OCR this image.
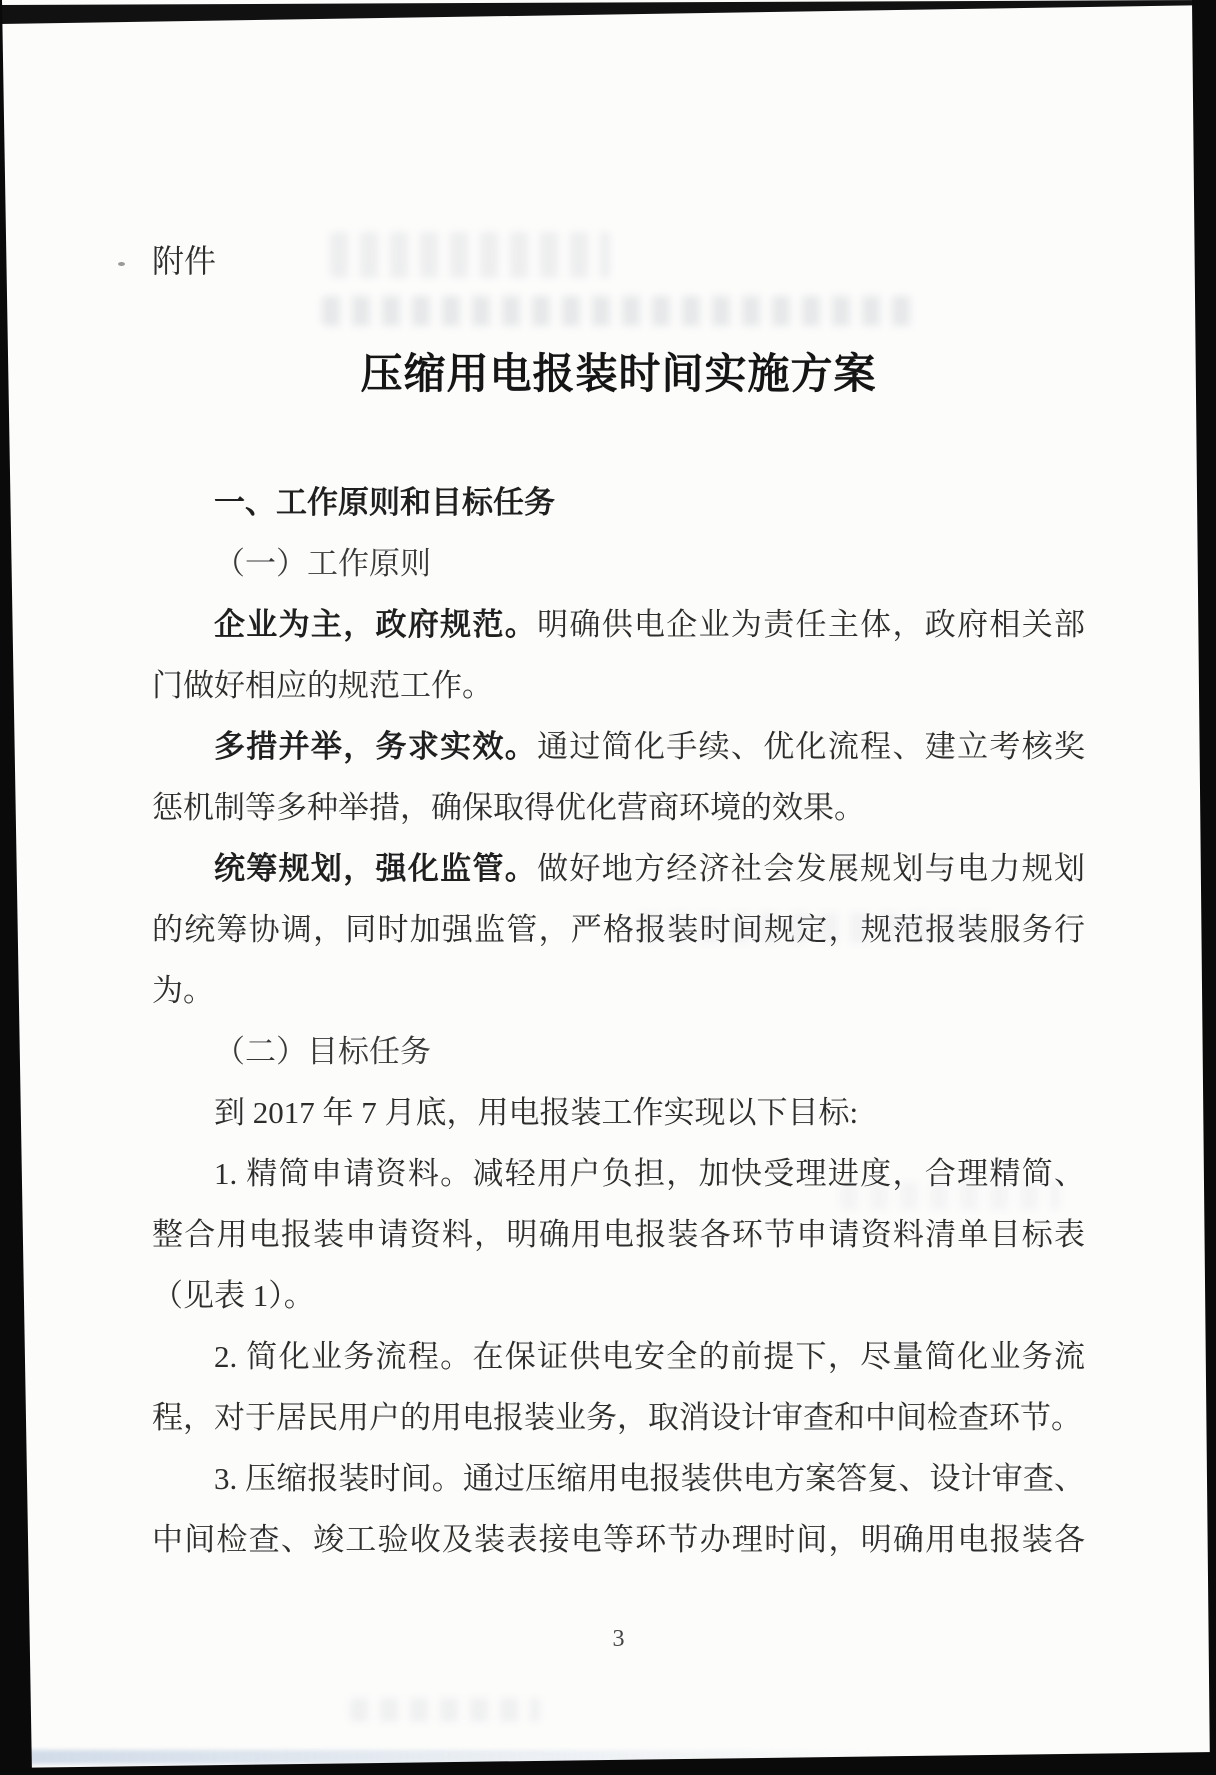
附件
压缩用电报装时间实施方案
一、工作原则和目标任务
（一）工作原则
企业为主，政府规范。明确供电企业为责任主体，政府相关部
门做好相应的规范工作。
多措并举，务求实效。通过简化手续、优化流程、建立考核奖
惩机制等多种举措，确保取得优化营商环境的效果。
统筹规划，强化监管。做好地方经济社会发展规划与电力规划
的统筹协调，同时加强监管，严格报装时间规定，规范报装服务行
为。
（二）目标任务
到 2017 年 7 月底，用电报装工作实现以下目标:
1. 精简申请资料。减轻用户负担，加快受理进度，合理精简、
整合用电报装申请资料，明确用电报装各环节申请资料清单目标表
（见表 1）。
2. 简化业务流程。在保证供电安全的前提下，尽量简化业务流
程，对于居民用户的用电报装业务，取消设计审查和中间检查环节。
3. 压缩报装时间。通过压缩用电报装供电方案答复、设计审查、
中间检查、竣工验收及装表接电等环节办理时间，明确用电报装各
3
